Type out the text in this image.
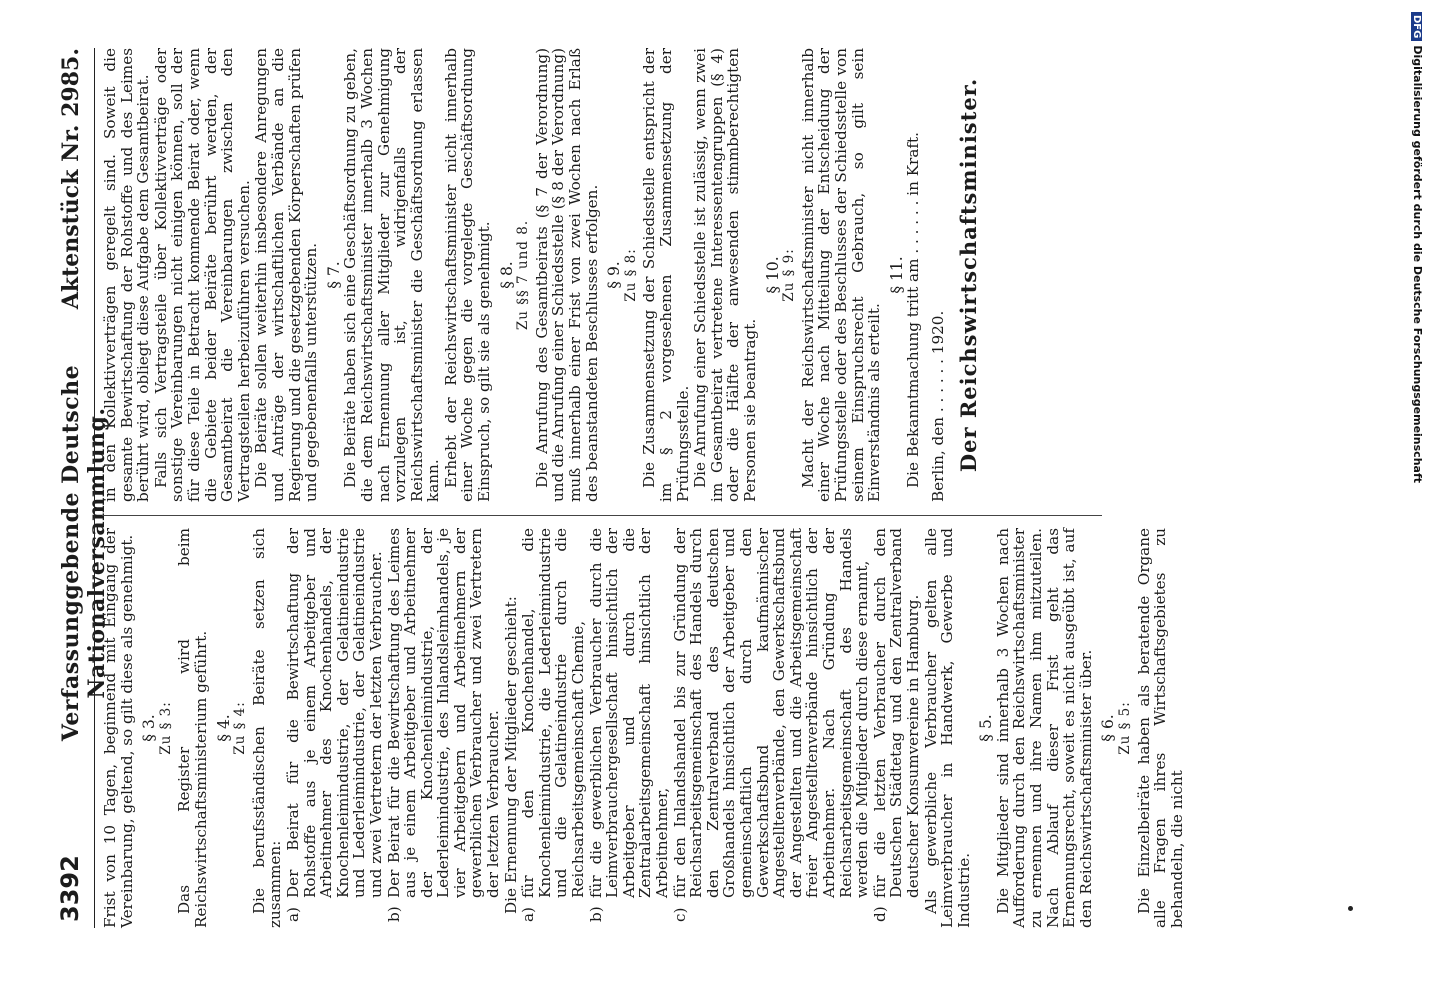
3392
Verfassunggebende Deutsche Nationalversammlung.
Aktenstück Nr. 2985.

Frist von 10 Tagen, beginnend mit Eingang der Vereinbarung, geltend, so gilt diese als genehmigt. § 3. Zu § 3: Das Register wird beim Reichswirtschaftsministerium geführt. § 4. Zu § 4: Die berufsständischen Beiräte setzen sich zusammen: a)
Der Beirat für die Bewirtschaftung der Rohstoffe aus je einem Arbeitgeber und Arbeitnehmer des Knochenhandels, der Knochenleimindustrie, der Gelatineindustrie und Lederleimindustrie, der Gelatineindustrie und zwei Vertretern der letzten Verbraucher.
b)
Der Beirat für die Bewirtschaftung des Leimes aus je einem Arbeitgeber und Arbeitnehmer der Knochenleimindustrie, der Lederleimindustrie, des Inlandsleimhandels, je vier Arbeitgebern und Arbeitnehmern der gewerblichen Verbraucher und zwei Vertretern der letzten Verbraucher. Die Ernennung der Mitglieder geschieht:

a)
für den Knochenhandel, die Knochenleimindustrie, die Lederleimindustrie und die Gelatineindustrie durch die Reichsarbeitsgemeinschaft Chemie,
b)
für die gewerblichen Verbraucher durch die Leimverbrauchergesellschaft hinsichtlich der Arbeitgeber und durch die Zentralarbeitsgemeinschaft hinsichtlich der Arbeitnehmer,
c)
für den Inlandshandel bis zur Gründung der Reichsarbeitsgemeinschaft des Handels durch den Zentralverband des deutschen Großhandels hinsichtlich der Arbeitgeber und gemeinschaftlich durch den Gewerkschaftsbund kaufmännischer Angestelltenverbände, den Gewerkschaftsbund der Angestellten und die Arbeitsgemeinschaft freier Angestelltenverbände hinsichtlich der Arbeitnehmer. Nach Gründung der Reichsarbeitsgemeinschaft des Handels werden die Mitglieder durch diese ernannt,
d)
für die letzten Verbraucher durch den Deutschen Städtetag und den Zentralverband deutscher Konsumvereine in Hamburg. Als gewerbliche Verbraucher gelten alle Leimverbraucher in Handwerk, Gewerbe und Industrie.

§ 5.

Die Mitglieder sind innerhalb 3 Wochen nach Aufforderung durch den Reichswirtschaftsminister zu ernennen und ihre Namen ihm mitzuteilen. Nach Ablauf dieser Frist geht das Ernennungsrecht, soweit es nicht ausgeübt ist, auf den Reichswirtschaftsminister über. § 6. Zu § 5: Die Einzelbeiräte haben als beratende Organe alle Fragen ihres Wirtschaftsgebietes zu behandeln, die nicht

in den Kollektivverträgen geregelt sind. Soweit die gesamte Bewirtschaftung der Rohstoffe und des Leimes berührt wird, obliegt diese Aufgabe dem Gesamtbeirat. Falls sich Vertragsteile über Kollektivverträge oder sonstige Vereinbarungen nicht einigen können, soll der für diese Teile in Betracht kommende Beirat oder, wenn die Gebiete beider Beiräte berührt werden, der Gesamtbeirat die Vereinbarungen zwischen den Vertragsteilen herbeizuführen versuchen. Die Beiräte sollen weiterhin insbesondere Anregungen und Anträge der wirtschaftlichen Verbände an die Regierung und die gesetzgebenden Körperschaften prüfen und gegebenenfalls unterstützen. § 7.

Die Beiräte haben sich eine Geschäftsordnung zu geben, die dem Reichswirtschaftsminister innerhalb 3 Wochen nach Ernennung aller Mitglieder zur Genehmigung vorzulegen ist, widrigenfalls der Reichswirtschaftsminister die Geschäftsordnung erlassen kann. Erhebt der Reichswirtschaftsminister nicht innerhalb einer Woche gegen die vorgelegte Geschäftsordnung Einspruch, so gilt sie als genehmigt. § 8. Zu §§ 7 und 8. Die Anrufung des Gesamtbeirats (§ 7 der Verordnung) und die Anrufung einer Schiedsstelle (§ 8 der Verordnung) muß innerhalb einer Frist von zwei Wochen nach Erlaß des beanstandeten Beschlusses erfolgen. § 9. Zu § 8: Die Zusammensetzung der Schiedsstelle entspricht der im § 2 vorgesehenen Zusammensetzung der Prüfungsstelle. Die Anrufung einer Schiedsstelle ist zulässig, wenn zwei im Gesamtbeirat vertretene Interessentengruppen (§ 4) oder die Hälfte der anwesenden stimmberechtigten Personen sie beantragt.

§ 10. Zu § 9: Macht der Reichswirtschaftsminister nicht innerhalb einer Woche nach Mitteilung der Entscheidung der Prüfungsstelle oder des Beschlusses der Schiedsstelle von seinem Einspruchsrecht Gebrauch, so gilt sein Einverständnis als erteilt.

§ 11.

Die Bekanntmachung tritt am . . . . . . in Kraft. Berlin, den . . . . . . 1920. Der Reichswirtschaftsminister.
DFGDigitalisierung gefördert durch die Deutsche Forschungsgemeinschaft
